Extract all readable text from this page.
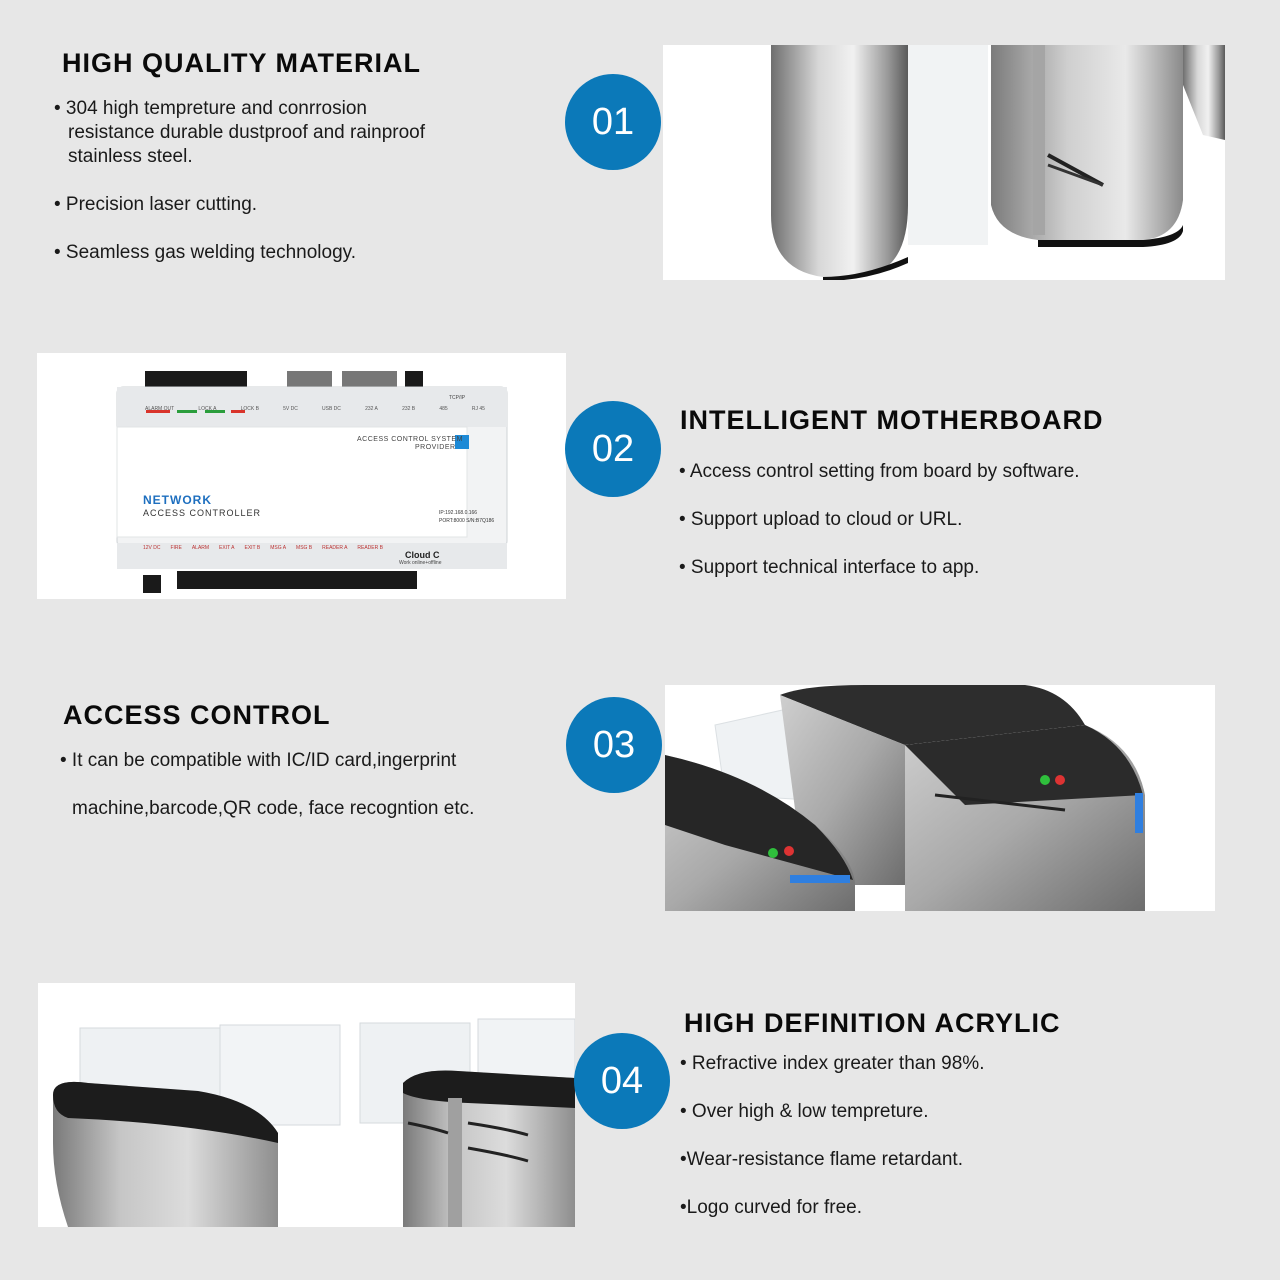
HIGH QUALITY MATERIAL
• 304 high tempreture and conrrosion
resistance durable dustproof and rainproof
stainless steel.
• Precision laser cutting.
• Seamless gas welding technology.
01
ACCESS CONTROL SYSTEM
PROVIDER
NETWORK
ACCESS CONTROLLER	IP:192.168.0.166
PORT:8000 S/N:B7Q186
Cloud C
Work online+offline
TCP/IP
ALARM OUT	LOCK A	LOCK B	5V DC	USB DC	232 A	232 B	485	RJ 45
12V DC FIRE ALARM EXIT A EXIT B MSG A MSG B READER A READER B
02
INTELLIGENT MOTHERBOARD
• Access control setting from board by software.
• Support upload to cloud or URL.
• Support technical interface to app.
ACCESS CONTROL
• It can be compatible with IC/ID card,ingerprint
machine,barcode,QR code, face recogntion etc.
03
04
HIGH DEFINITION ACRYLIC
• Refractive index greater than 98%.
• Over high & low tempreture.
•Wear-resistance flame retardant.
•Logo curved for free.
